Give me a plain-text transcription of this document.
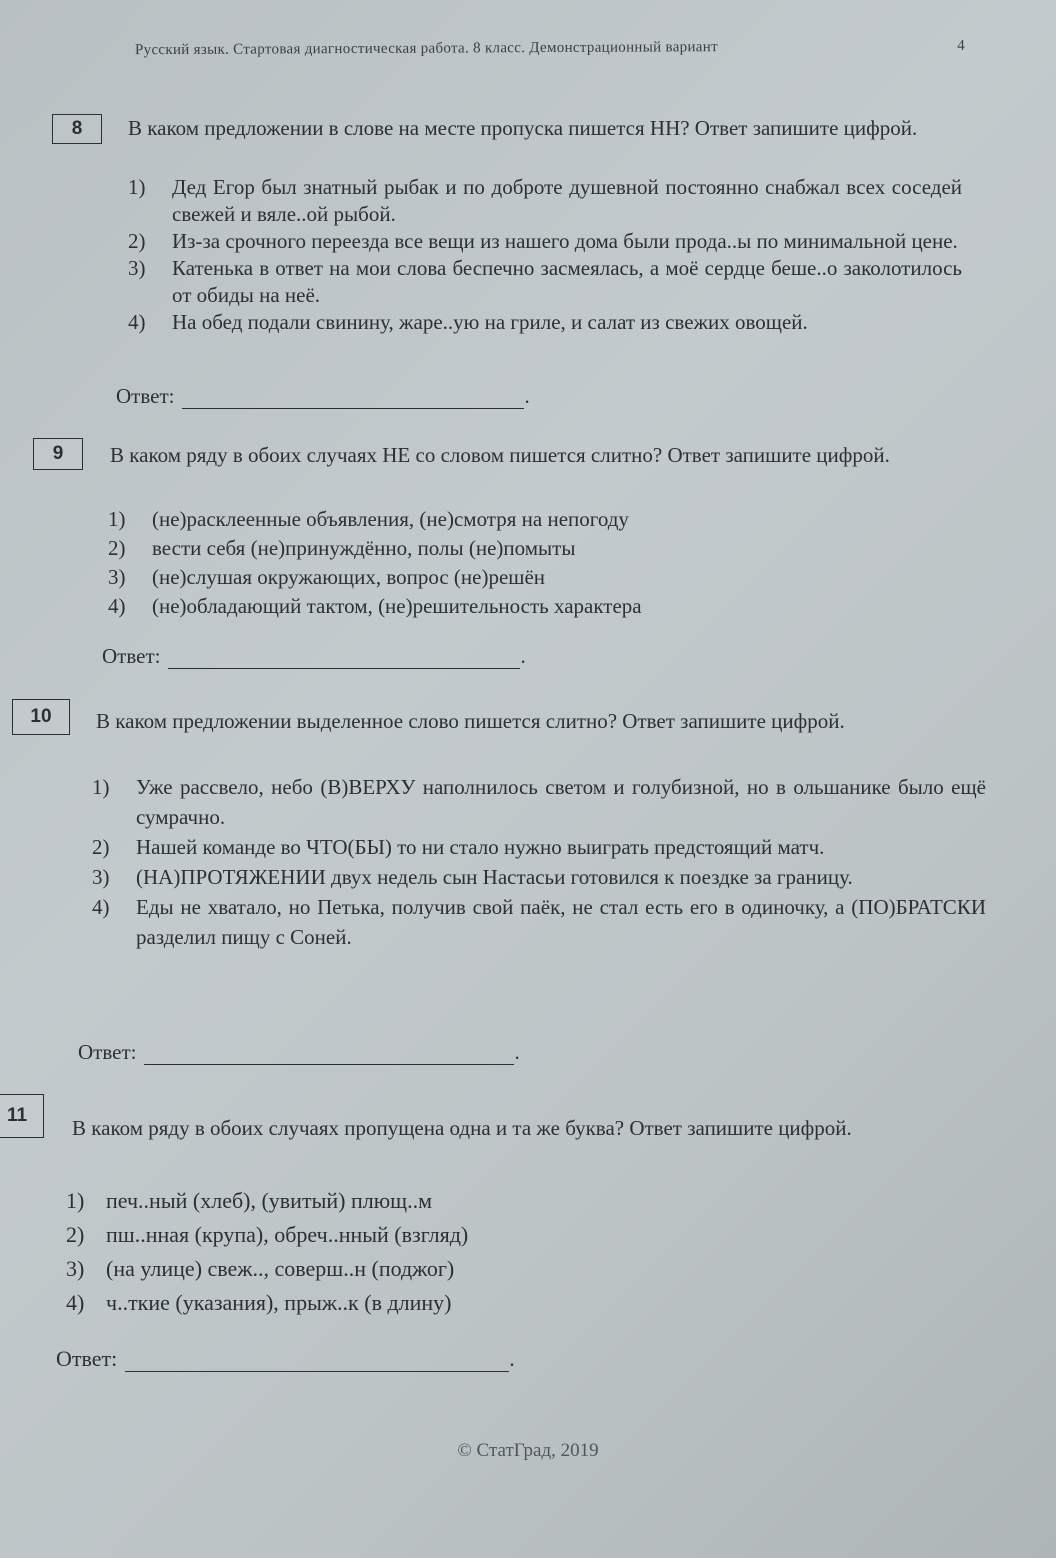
Русский язык. Стартовая диагностическая работа. 8 класс. Демонстрационный вариант	4
8	В каком предложении в слове на месте пропуска пишется НН? Ответ запишите цифрой.

1) Дед Егор был знатный рыбак и по доброте душевной постоянно снабжал всех соседей свежей и вяле..ой рыбой.
2) Из-за срочного переезда все вещи из нашего дома были прода..ы по минимальной цене.
3) Катенька в ответ на мои слова беспечно засмеялась, а моё сердце беше..о заколотилось от обиды на неё.
4) На обед подали свинину, жаре..ую на гриле, и салат из свежих овощей.
Ответ:	.
9	В каком ряду в обоих случаях НЕ со словом пишется слитно? Ответ запишите цифрой.

1) (не)расклеенные объявления, (не)смотря на непогоду
2) вести себя (не)принуждённо, полы (не)помыты
3) (не)слушая окружающих, вопрос (не)решён
4) (не)обладающий тактом, (не)решительность характера
Ответ:	.
10	В каком предложении выделенное слово пишется слитно? Ответ запишите цифрой.

1) Уже рассвело, небо (В)ВЕРХУ наполнилось светом и голубизной, но в ольшанике было ещё сумрачно.
2) Нашей команде во ЧТО(БЫ) то ни стало нужно выиграть предстоящий матч.
3) (НА)ПРОТЯЖЕНИИ двух недель сын Настасьи готовился к поездке за границу.
4) Еды не хватало, но Петька, получив свой паёк, не стал есть его в одиночку, а (ПО)БРАТСКИ разделил пищу с Соней.
Ответ:	.
11

В каком ряду в обоих случаях пропущена одна и та же буква? Ответ запишите цифрой.

1) печ..ный (хлеб), (увитый) плющ..м
2) пш..нная (крупа), обреч..нный (взгляд)
3) (на улице) свеж.., соверш..н (поджог)
4) ч..ткие (указания), прыж..к (в длину)
Ответ:	.
© СтатГрад, 2019
